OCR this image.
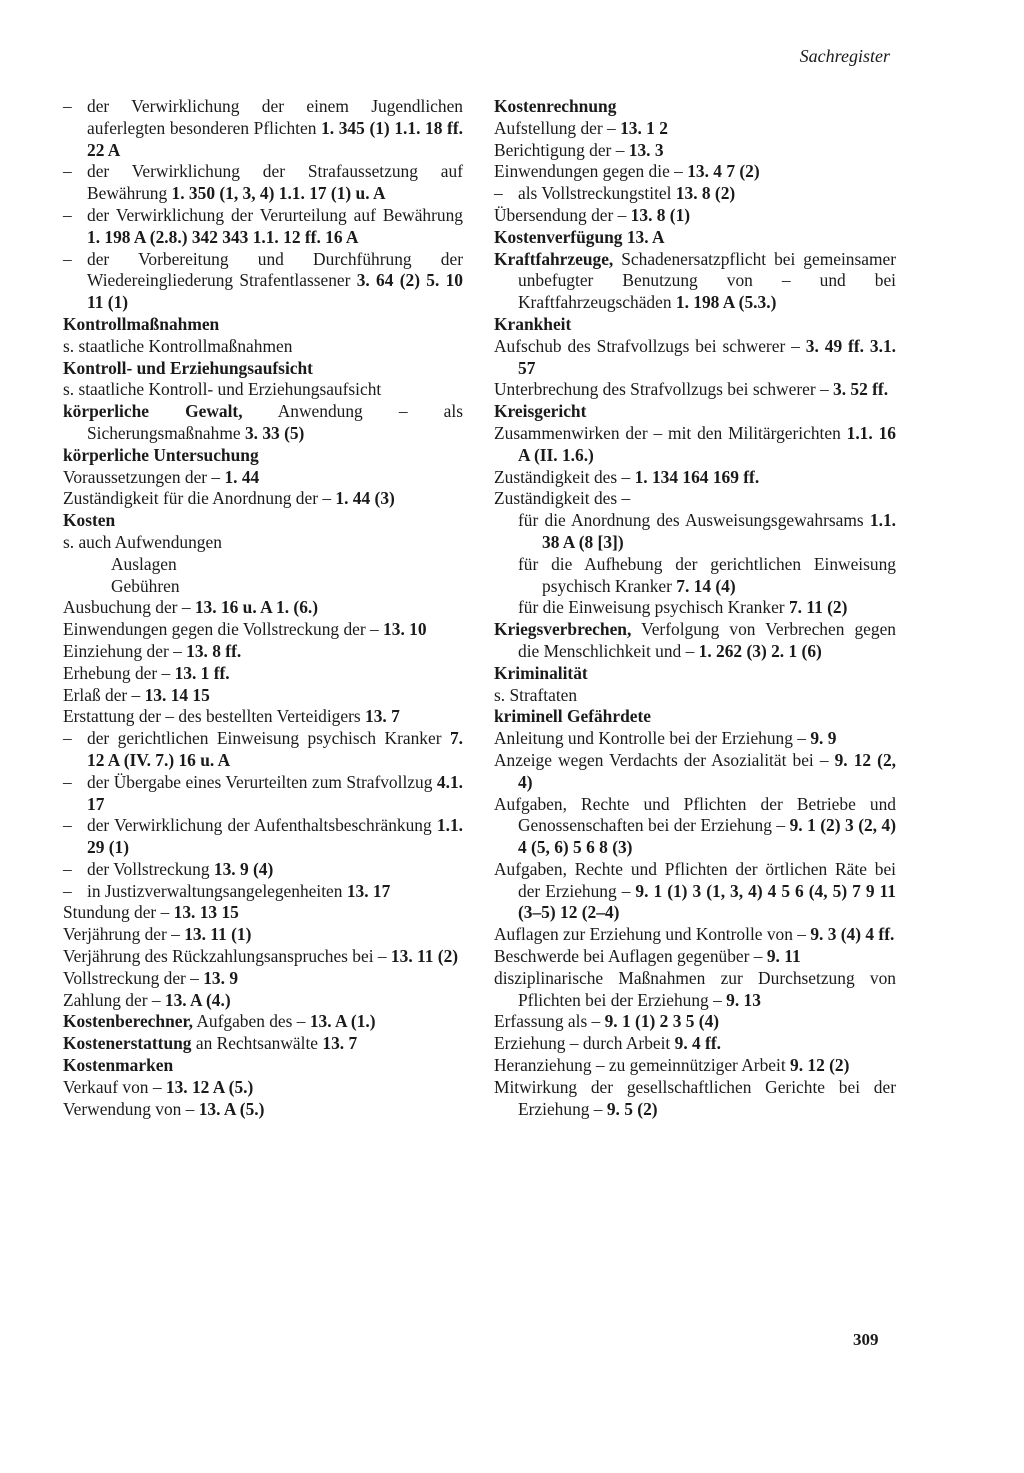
Sachregister

– der Verwirklichung der einem Jugendlichen auferlegten besonderen Pflichten 1. 345 (1) 1.1. 18 ff. 22 A

– der Verwirklichung der Strafaussetzung auf Bewährung 1. 350 (1, 3, 4) 1.1. 17 (1) u. A

– der Verwirklichung der Verurteilung auf Bewährung 1. 198 A (2.8.) 342 343 1.1. 12 ff. 16 A

– der Vorbereitung und Durchführung der Wiedereingliederung Strafentlassener 3. 64 (2) 5. 10 11 (1)

Kontrollmaßnahmen

s. staatliche Kontrollmaßnahmen

Kontroll- und Erziehungsaufsicht

s. staatliche Kontroll- und Erziehungsaufsicht

körperliche Gewalt, Anwendung – als Sicherungsmaßnahme 3. 33 (5)

körperliche Untersuchung

Voraussetzungen der – 1. 44

Zuständigkeit für die Anordnung der – 1. 44 (3)

Kosten

s. auch Aufwendungen

Auslagen

Gebühren

Ausbuchung der – 13. 16 u. A 1. (6.)

Einwendungen gegen die Vollstreckung der – 13. 10

Einziehung der – 13. 8 ff.

Erhebung der – 13. 1 ff.

Erlaß der – 13. 14 15

Erstattung der – des bestellten Verteidigers 13. 7

– der gerichtlichen Einweisung psychisch Kranker 7. 12 A (IV. 7.) 16 u. A

– der Übergabe eines Verurteilten zum Strafvollzug 4.1. 17

– der Verwirklichung der Aufenthaltsbeschränkung 1.1. 29 (1)

– der Vollstreckung 13. 9 (4)

– in Justizverwaltungsangelegenheiten 13. 17

Stundung der – 13. 13 15

Verjährung der – 13. 11 (1)

Verjährung des Rückzahlungsanspruches bei – 13. 11 (2)

Vollstreckung der – 13. 9

Zahlung der – 13. A (4.)

Kostenberechner, Aufgaben des – 13. A (1.)

Kostenerstattung an Rechtsanwälte 13. 7

Kostenmarken

Verkauf von – 13. 12 A (5.)

Verwendung von – 13. A (5.)

Kostenrechnung

Aufstellung der – 13. 1 2

Berichtigung der – 13. 3

Einwendungen gegen die – 13. 4 7 (2)

– als Vollstreckungstitel 13. 8 (2)

Übersendung der – 13. 8 (1)

Kostenverfügung 13. A

Kraftfahrzeuge, Schadenersatzpflicht bei gemeinsamer unbefugter Benutzung von – und bei Kraftfahrzeugschäden 1. 198 A (5.3.)

Krankheit

Aufschub des Strafvollzugs bei schwerer – 3. 49 ff. 3.1. 57

Unterbrechung des Strafvollzugs bei schwerer – 3. 52 ff.

Kreisgericht

Zusammenwirken der – mit den Militärgerichten 1.1. 16 A (II. 1.6.)

Zuständigkeit des – 1. 134 164 169 ff.

Zuständigkeit des –

für die Anordnung des Ausweisungsgewahrsams 1.1. 38 A (8 [3])

für die Aufhebung der gerichtlichen Einweisung psychisch Kranker 7. 14 (4)

für die Einweisung psychisch Kranker 7. 11 (2)

Kriegsverbrechen, Verfolgung von Verbrechen gegen die Menschlichkeit und – 1. 262 (3) 2. 1 (6)

Kriminalität

s. Straftaten

kriminell Gefährdete

Anleitung und Kontrolle bei der Erziehung – 9. 9

Anzeige wegen Verdachts der Asozialität bei – 9. 12 (2, 4)

Aufgaben, Rechte und Pflichten der Betriebe und Genossenschaften bei der Erziehung – 9. 1 (2) 3 (2, 4) 4 (5, 6) 5 6 8 (3)

Aufgaben, Rechte und Pflichten der örtlichen Räte bei der Erziehung – 9. 1 (1) 3 (1, 3, 4) 4 5 6 (4, 5) 7 9 11 (3–5) 12 (2–4)

Auflagen zur Erziehung und Kontrolle von – 9. 3 (4) 4 ff.

Beschwerde bei Auflagen gegenüber – 9. 11

disziplinarische Maßnahmen zur Durchsetzung von Pflichten bei der Erziehung – 9. 13

Erfassung als – 9. 1 (1) 2 3 5 (4)

Erziehung – durch Arbeit 9. 4 ff.

Heranziehung – zu gemeinnütziger Arbeit 9. 12 (2)

Mitwirkung der gesellschaftlichen Gerichte bei der Erziehung – 9. 5 (2)

309
